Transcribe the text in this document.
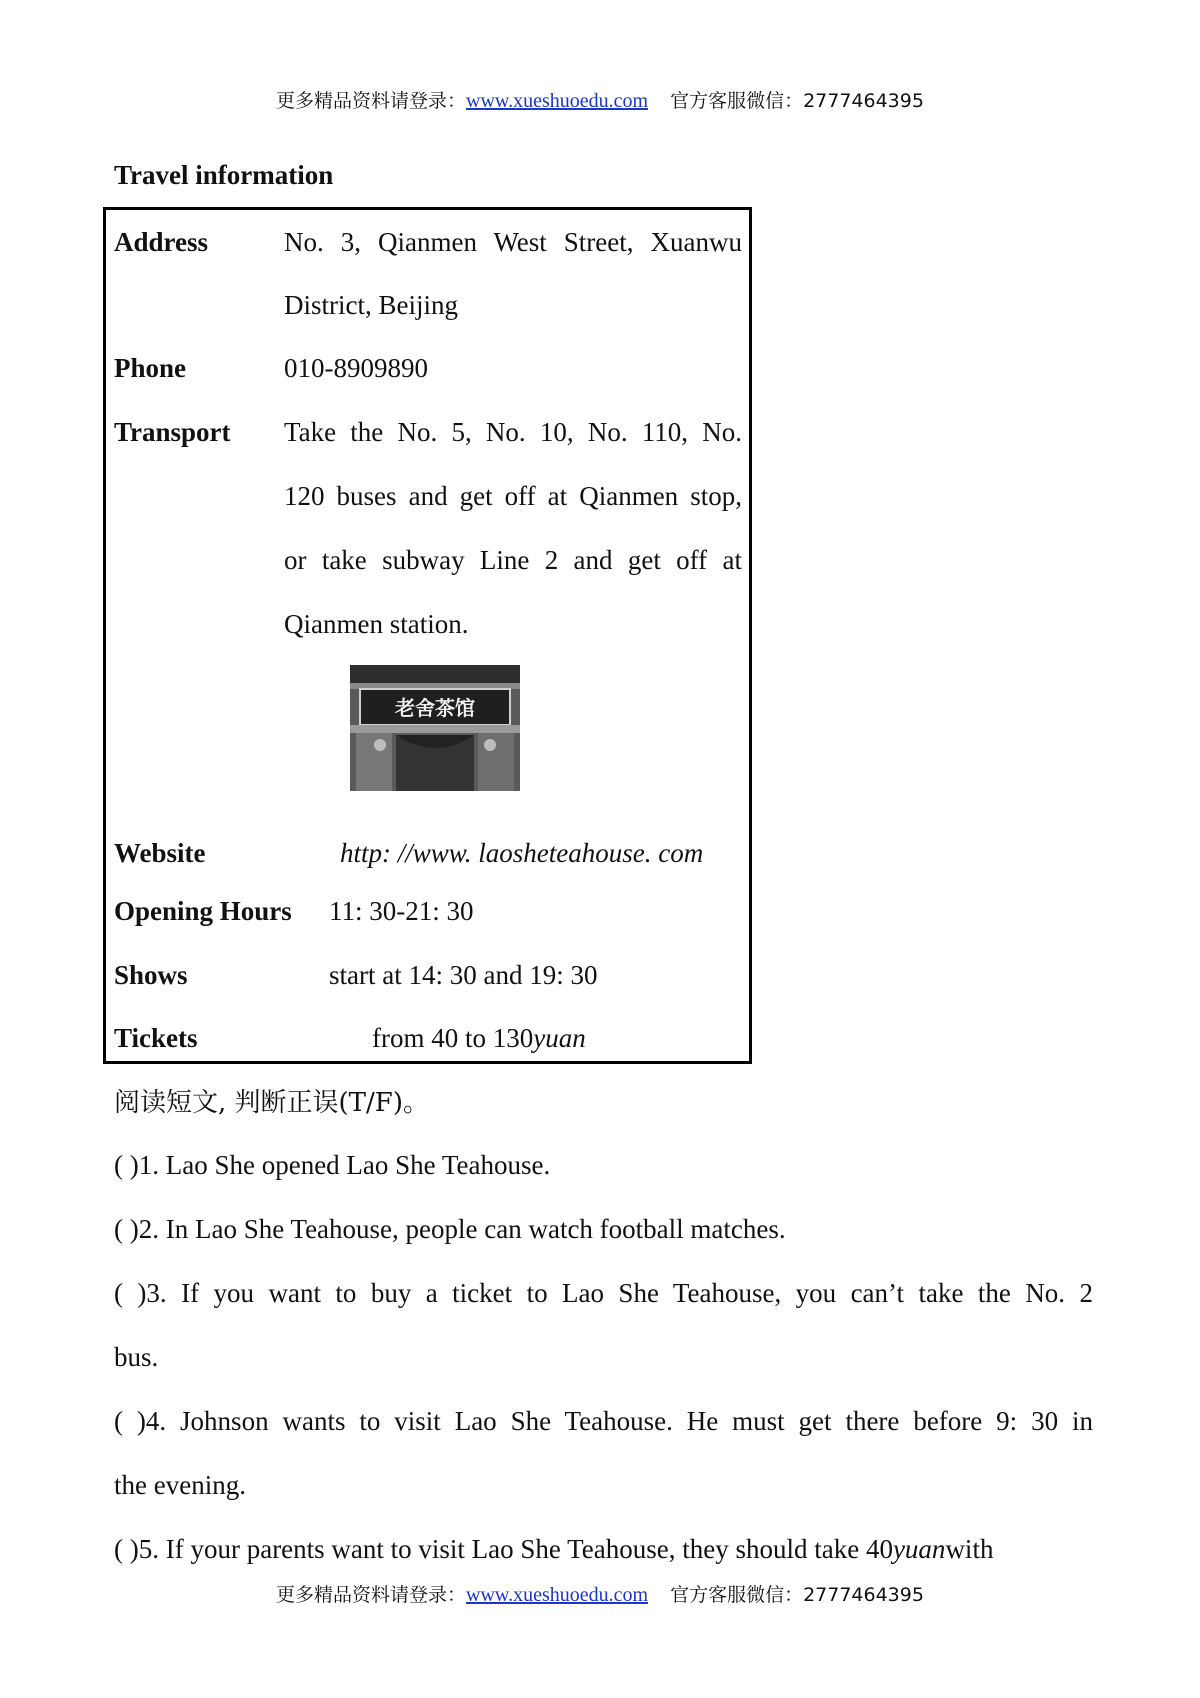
更多精品资料请登录：www.xueshuoedu.com 官方客服微信：2777464395
Travel information
Address	No. 3, Qianmen West Street, Xuanwu
District, Beijing
Phone	010-8909890
Transport Take the No. 5, No. 10, No. 110, No.
120 buses and get off at Qianmen stop,
or take subway Line 2 and get off at
Qianmen station.
老舍茶馆
Website	http: //www. laosheteahouse. com
Opening Hours 11: 30-21: 30
Shows	start at 14: 30 and 19: 30
Tickets	from 40 to 130yuan
阅读短文, 判断正误(T/F)。
( )1. Lao She opened Lao She Teahouse.
( )2. In Lao She Teahouse, people can watch football matches.
( )3. If you want to buy a ticket to Lao She Teahouse, you can’t take the No. 2
bus.
( )4. Johnson wants to visit Lao She Teahouse. He must get there before 9: 30 in
the evening.
( )5. If your parents want to visit Lao She Teahouse, they should take 40yuanwith
更多精品资料请登录：www.xueshuoedu.com 官方客服微信：2777464395
